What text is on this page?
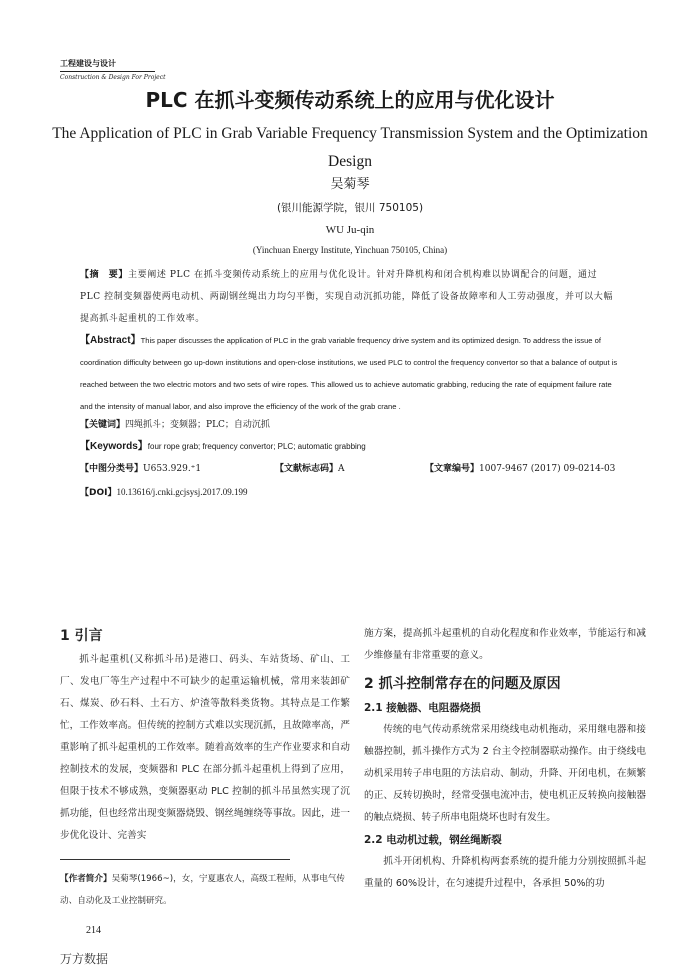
工程建设与设计
Construction & Design For Project
PLC 在抓斗变频传动系统上的应用与优化设计
The Application of PLC in Grab Variable Frequency Transmission System and the Optimization Design
吴菊琴
(银川能源学院，银川 750105)
WU Ju-qin
(Yinchuan Energy Institute, Yinchuan 750105, China)
【摘　要】主要阐述 PLC 在抓斗变频传动系统上的应用与优化设计。针对升降机构和闭合机构难以协调配合的问题，通过 PLC 控制变频器使两电动机、两副钢丝绳出力均匀平衡，实现自动沉抓功能，降低了设备故障率和人工劳动强度，并可以大幅提高抓斗起重机的工作效率。
【Abstract】This paper discusses the application of PLC in the grab variable frequency drive system and its optimized design. To address the issue of coordination difficulty between go up-down institutions and open-close institutions, we used PLC to control the frequency convertor so that a balance of output is reached between the two electric motors and two sets of wire ropes. This allowed us to achieve automatic grabbing, reducing the rate of equipment failure rate and the intensity of manual labor, and also improve the efficiency of the work of the grab crane .
【关键词】四绳抓斗；变频器；PLC；自动沉抓
【Keywords】four rope grab; frequency convertor; PLC; automatic grabbing
【中图分类号】U653.929.⁺1	【文献标志码】A	【文章编号】1007-9467 (2017) 09-0214-03
【DOI】10.13616/j.cnki.gcjsysj.2017.09.199

1 引言

抓斗起重机(又称抓斗吊)是港口、码头、车站货场、矿山、工厂、发电厂等生产过程中不可缺少的起重运输机械，常用来装卸矿石、煤炭、砂石料、土石方、炉渣等散料类货物。其特点是工作繁忙，工作效率高。但传统的控制方式难以实现沉抓，且故障率高，严重影响了抓斗起重机的工作效率。随着高效率的生产作业要求和自动控制技术的发展，变频器和 PLC 在部分抓斗起重机上得到了应用，但限于技术不够成熟，变频器驱动 PLC 控制的抓斗吊虽然实现了沉抓功能，但也经常出现变频器烧毁、钢丝绳缠绕等事故。因此，进一步优化设计、完善实

施方案，提高抓斗起重机的自动化程度和作业效率，节能运行和减少维修量有非常重要的意义。

2 抓斗控制常存在的问题及原因

2.1 接触器、电阻器烧损

传统的电气传动系统常采用绕线电动机拖动，采用继电器和接触器控制，抓斗操作方式为 2 台主令控制器联动操作。由于绕线电动机采用转子串电阻的方法启动、制动，升降、开闭电机，在频繁的正、反转切换时，经常受强电流冲击，使电机正反转换向接触器的触点烧损、转子所串电阻烧坏也时有发生。

2.2 电动机过载，钢丝绳断裂

抓斗开闭机构、升降机构两套系统的提升能力分别按照抓斗起重量的 60%设计，在匀速提升过程中，各承担 50%的功

【作者简介】吴菊琴(1966~)，女，宁夏惠农人，高级工程师，从事电气传动、自动化及工业控制研究。
214
万方数据
